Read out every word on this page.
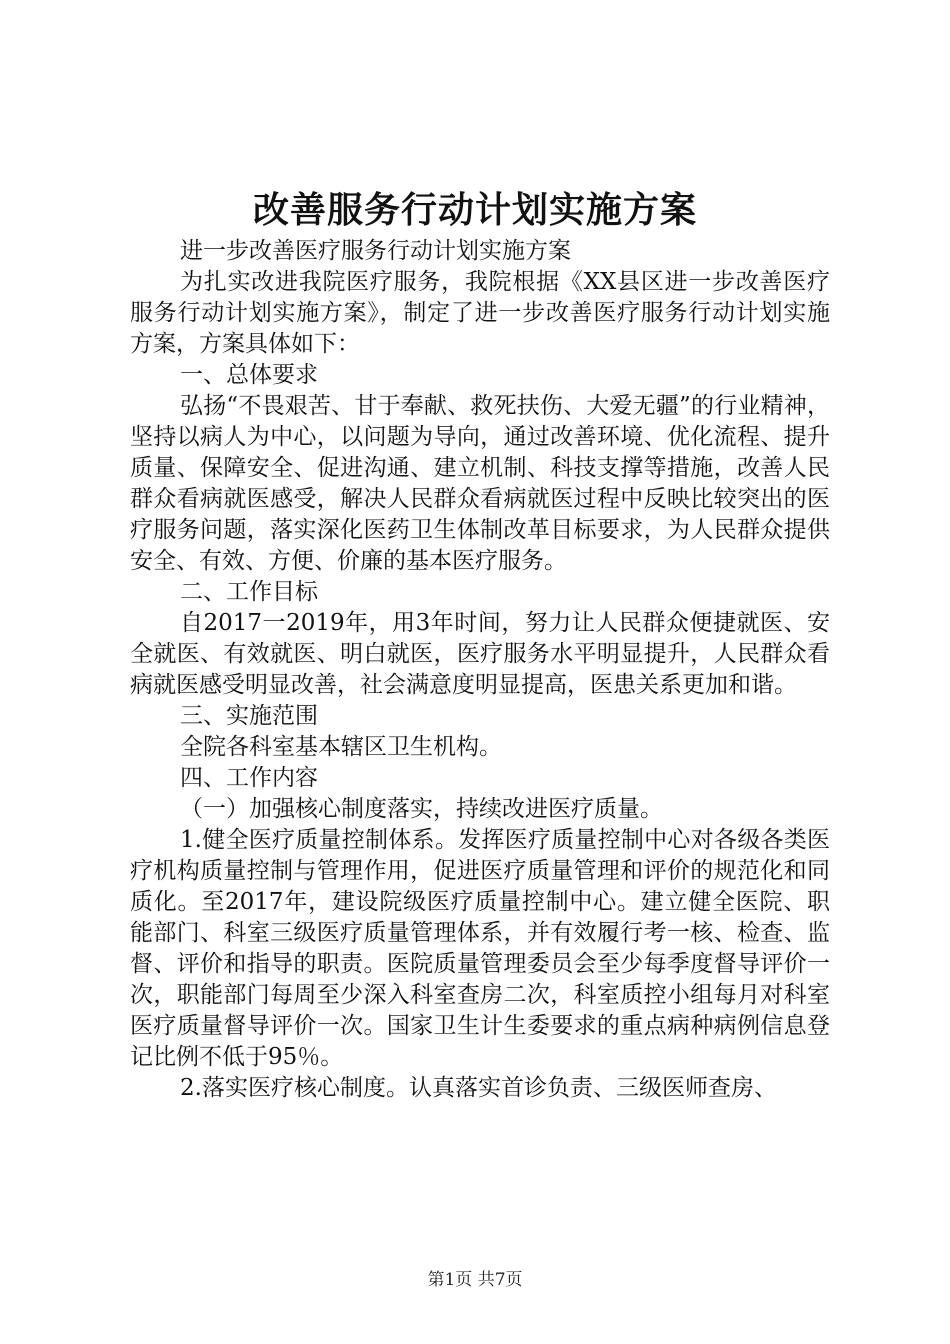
改善服务行动计划实施方案

进一步改善医疗服务行动计划实施方案

为扎实改进我院医疗服务，我院根据《XX县区进一步改善医疗服务行动计划实施方案》，制定了进一步改善医疗服务行动计划实施方案，方案具体如下：

一、总体要求

弘扬“不畏艰苦、甘于奉献、救死扶伤、大爱无疆”的行业精神，坚持以病人为中心，以问题为导向，通过改善环境、优化流程、提升质量、保障安全、促进沟通、建立机制、科技支撑等措施，改善人民群众看病就医感受，解决人民群众看病就医过程中反映比较突出的医疗服务问题，落实深化医药卫生体制改革目标要求，为人民群众提供安全、有效、方便、价廉的基本医疗服务。

二、工作目标

自2017一2019年，用3年时间，努力让人民群众便捷就医、安全就医、有效就医、明白就医，医疗服务水平明显提升，人民群众看病就医感受明显改善，社会满意度明显提高，医患关系更加和谐。

三、实施范围

全院各科室基本辖区卫生机构。

四、工作内容

（一）加强核心制度落实，持续改进医疗质量。

1.健全医疗质量控制体系。发挥医疗质量控制中心对各级各类医疗机构质量控制与管理作用，促进医疗质量管理和评价的规范化和同质化。至2017年，建设院级医疗质量控制中心。建立健全医院、职能部门、科室三级医疗质量管理体系，并有效履行考一核、检查、监督、评价和指导的职责。医院质量管理委员会至少每季度督导评价一次，职能部门每周至少深入科室查房二次，科室质控小组每月对科室医疗质量督导评价一次。国家卫生计生委要求的重点病种病例信息登记比例不低于95％。

2.落实医疗核心制度。认真落实首诊负责、三级医师查房、

第1页 共7页
